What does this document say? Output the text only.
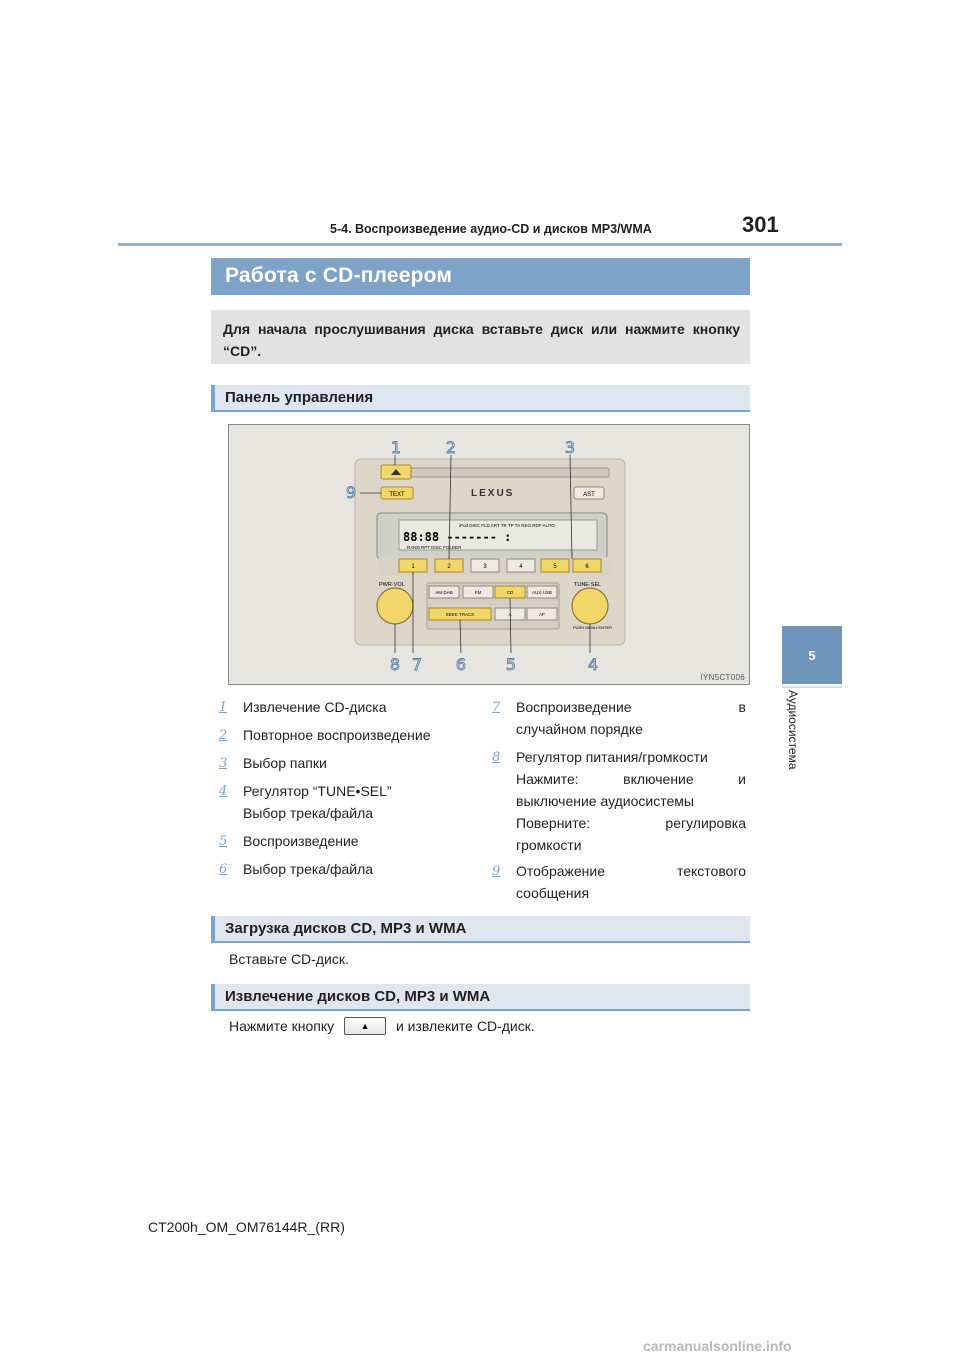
5-4. Воспроизведение аудио-CD и дисков MP3/WMA	301
5
Аудиосистема
Работа с CD-плеером
Для начала прослушивания диска вставьте диск или нажмите кнопку “CD”.
Панель управления
TEXT	LEXUS	AST
iPod DISC FLD ART TR TP TA REG RDF AUTO
88:88 ------- :
RAND RPT DISC FOLDER
1	2	3	4	5	6
PWR·VOL	TUNE·SEL
AM·DAB	FM	CD	AUX·USB
SEEK·TRACK	A	AF
PUSH MENU·ENTER
1	2	3
4
5
6
7
8
9
IYN5CT006
1	Извлечение CD-диска
2	Повторное воспроизведение
3	Выбор папки
4	Регулятор “TUNE•SEL”
Выбор трека/файла
5	Воспроизведение
6	Выбор трека/файла
7	Воспроизведение в
случайном порядке
8	Регулятор питания/громкости
Нажмите: включение и
выключение аудиосистемы
Поверните: регулировка
громкости
9	Отображение текстового
сообщения
Загрузка дисков CD, MP3 и WMA
Вставьте CD-диск.
Извлечение дисков CD, MP3 и WMA
Нажмите кнопку	▲	и извлеките CD-диск.
CT200h_OM_OM76144R_(RR)
carmanualsonline.info
